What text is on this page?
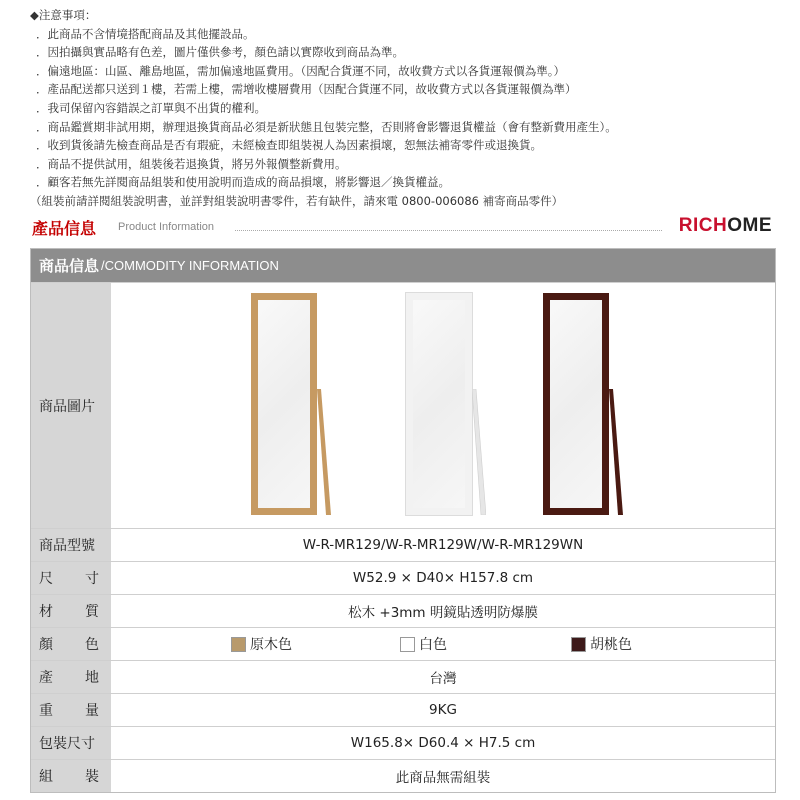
◆注意事項：
．此商品不含情境搭配商品及其他擺設品。
．因拍攝與實品略有色差，圖片僅供參考，顏色請以實際收到商品為準。
．偏遠地區：山區、離島地區，需加偏遠地區費用。（因配合貨運不同，故收費方式以各貨運報價為準。）
．產品配送都只送到１樓，若需上樓，需增收樓層費用（因配合貨運不同，故收費方式以各貨運報價為準）
．我司保留內容錯誤之訂單與不出貨的權利。
．商品鑑賞期非試用期，辦理退換貨商品必須是新狀態且包裝完整，否則將會影響退貨權益（會有整新費用產生）。
．收到貨後請先檢查商品是否有瑕疵，未經檢查即組裝視人為因素損壞，恕無法補寄零件或退換貨。
．商品不提供試用，組裝後若退換貨，將另外報價整新費用。
．顧客若無先詳閱商品組裝和使用說明而造成的商品損壞，將影響退／換貨權益。
（組裝前請詳閱組裝說明書，並詳對組裝說明書零件，若有缺件，請來電 0800-006086 補寄商品零件）
產品信息 Product Information	RICHOME
商品信息 /COMMODITY INFORMATION
商品圖片
商品型號	W-R-MR129/W-R-MR129W/W-R-MR129WN
尺寸	W52.9 × D40× H157.8 cm
材質	松木 +3mm 明鏡貼透明防爆膜
顏色	原木色	白色	胡桃色
產地	台灣
重量	9KG
包裝尺寸	W165.8× D60.4 × H7.5 cm
組裝	此商品無需組裝
